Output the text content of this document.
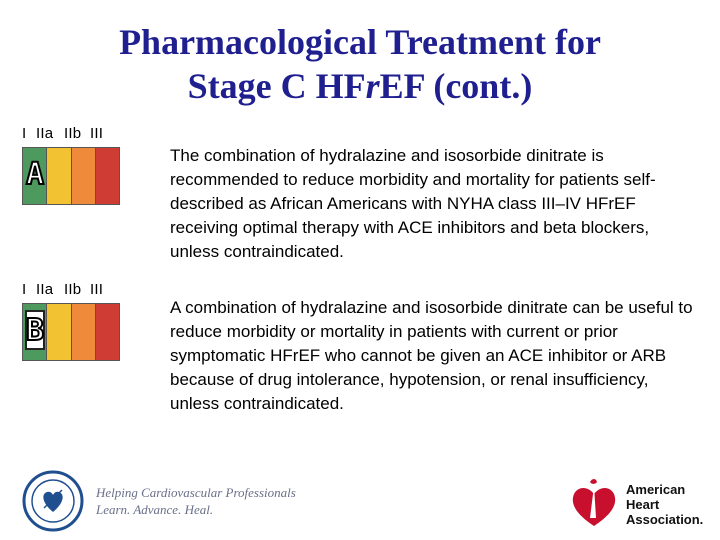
Pharmacological Treatment for
Stage C HFrEF (cont.)
I IIa IIb III
A
The combination of hydralazine and isosorbide dinitrate is recommended to reduce morbidity and mortality for patients self-described as African Americans with NYHA class III–IV HFrEF receiving optimal therapy with ACE inhibitors and beta blockers, unless contraindicated.
I IIa IIb III
B
A combination of hydralazine and isosorbide dinitrate can be useful to reduce morbidity or mortality in patients with current or prior symptomatic HFrEF who cannot be given an ACE inhibitor or ARB because of drug intolerance, hypotension, or renal insufficiency, unless contraindicated.
Helping Cardiovascular Professionals
Learn. Advance. Heal.
American
Heart
Association.
